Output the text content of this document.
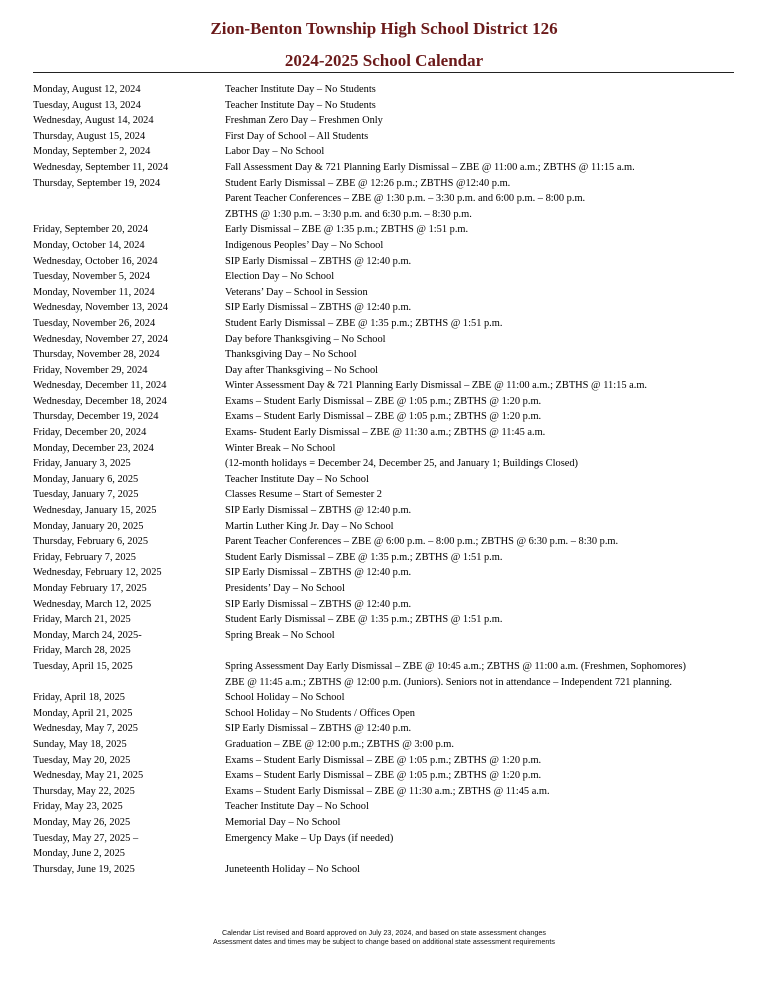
Zion-Benton Township High School District 126
2024-2025 School Calendar
Monday, August 12, 2024	Teacher Institute Day – No Students
Tuesday, August 13, 2024	Teacher Institute Day – No Students
Wednesday, August 14, 2024	Freshman Zero Day – Freshmen Only
Thursday, August 15, 2024	First Day of School – All Students
Monday, September 2, 2024	Labor Day – No School
Wednesday, September 11, 2024	Fall Assessment Day & 721 Planning Early Dismissal – ZBE @ 11:00 a.m.; ZBTHS @ 11:15 a.m.
Thursday, September 19, 2024	Student Early Dismissal – ZBE @ 12:26 p.m.; ZBTHS @12:40 p.m.
Parent Teacher Conferences – ZBE @ 1:30 p.m. – 3:30 p.m. and 6:00 p.m. – 8:00 p.m.
ZBTHS @ 1:30 p.m. – 3:30 p.m. and 6:30 p.m. – 8:30 p.m.
Friday, September 20, 2024	Early Dismissal – ZBE @ 1:35 p.m.; ZBTHS @ 1:51 p.m.
Monday, October 14, 2024	Indigenous Peoples’ Day – No School
Wednesday, October 16, 2024	SIP Early Dismissal – ZBTHS @ 12:40 p.m.
Tuesday, November 5, 2024	Election Day – No School
Monday, November 11, 2024	Veterans’ Day – School in Session
Wednesday, November 13, 2024	SIP Early Dismissal – ZBTHS @ 12:40 p.m.
Tuesday, November 26, 2024	Student Early Dismissal – ZBE @ 1:35 p.m.; ZBTHS @ 1:51 p.m.
Wednesday, November 27, 2024	Day before Thanksgiving – No School
Thursday, November 28, 2024	Thanksgiving Day – No School
Friday, November 29, 2024	Day after Thanksgiving – No School
Wednesday, December 11, 2024	Winter Assessment Day & 721 Planning Early Dismissal – ZBE @ 11:00 a.m.; ZBTHS @ 11:15 a.m.
Wednesday, December 18, 2024	Exams – Student Early Dismissal – ZBE @ 1:05 p.m.; ZBTHS @ 1:20 p.m.
Thursday, December 19, 2024	Exams – Student Early Dismissal – ZBE @ 1:05 p.m.; ZBTHS @ 1:20 p.m.
Friday, December 20, 2024	Exams- Student Early Dismissal – ZBE @ 11:30 a.m.; ZBTHS @ 11:45 a.m.
Monday, December 23, 2024	Winter Break – No School
Friday, January 3, 2025	(12-month holidays = December 24, December 25, and January 1; Buildings Closed)
Monday, January 6, 2025	Teacher Institute Day – No School
Tuesday, January 7, 2025	Classes Resume – Start of Semester 2
Wednesday, January 15, 2025	SIP Early Dismissal – ZBTHS @ 12:40 p.m.
Monday, January 20, 2025	Martin Luther King Jr. Day – No School
Thursday, February 6, 2025	Parent Teacher Conferences – ZBE @ 6:00 p.m. – 8:00 p.m.; ZBTHS @ 6:30 p.m. – 8:30 p.m.
Friday, February 7, 2025	Student Early Dismissal – ZBE @ 1:35 p.m.; ZBTHS @ 1:51 p.m.
Wednesday, February 12, 2025	SIP Early Dismissal – ZBTHS @ 12:40 p.m.
Monday February 17, 2025	Presidents’ Day – No School
Wednesday, March 12, 2025	SIP Early Dismissal – ZBTHS @ 12:40 p.m.
Friday, March 21, 2025	Student Early Dismissal – ZBE @ 1:35 p.m.; ZBTHS @ 1:51 p.m.
Monday, March 24, 2025-	Spring Break – No School
Friday, March 28, 2025
Tuesday, April 15, 2025	Spring Assessment Day Early Dismissal – ZBE @ 10:45 a.m.; ZBTHS @ 11:00 a.m. (Freshmen, Sophomores)
ZBE @ 11:45 a.m.; ZBTHS @ 12:00 p.m. (Juniors). Seniors not in attendance – Independent 721 planning.
Friday, April 18, 2025	School Holiday – No School
Monday, April 21, 2025	School Holiday – No Students / Offices Open
Wednesday, May 7, 2025	SIP Early Dismissal – ZBTHS @ 12:40 p.m.
Sunday, May 18, 2025	Graduation – ZBE @ 12:00 p.m.; ZBTHS @ 3:00 p.m.
Tuesday, May 20, 2025	Exams – Student Early Dismissal – ZBE @ 1:05 p.m.; ZBTHS @ 1:20 p.m.
Wednesday, May 21, 2025	Exams – Student Early Dismissal – ZBE @ 1:05 p.m.; ZBTHS @ 1:20 p.m.
Thursday, May 22, 2025	Exams – Student Early Dismissal – ZBE @ 11:30 a.m.; ZBTHS @ 11:45 a.m.
Friday, May 23, 2025	Teacher Institute Day – No School
Monday, May 26, 2025	Memorial Day – No School
Tuesday, May 27, 2025 –	Emergency Make – Up Days (if needed)
Monday, June 2, 2025
Thursday, June 19, 2025	Juneteenth Holiday – No School
Calendar List revised and Board approved on July 23, 2024, and based on state assessment changes
Assessment dates and times may be subject to change based on additional state assessment requirements
